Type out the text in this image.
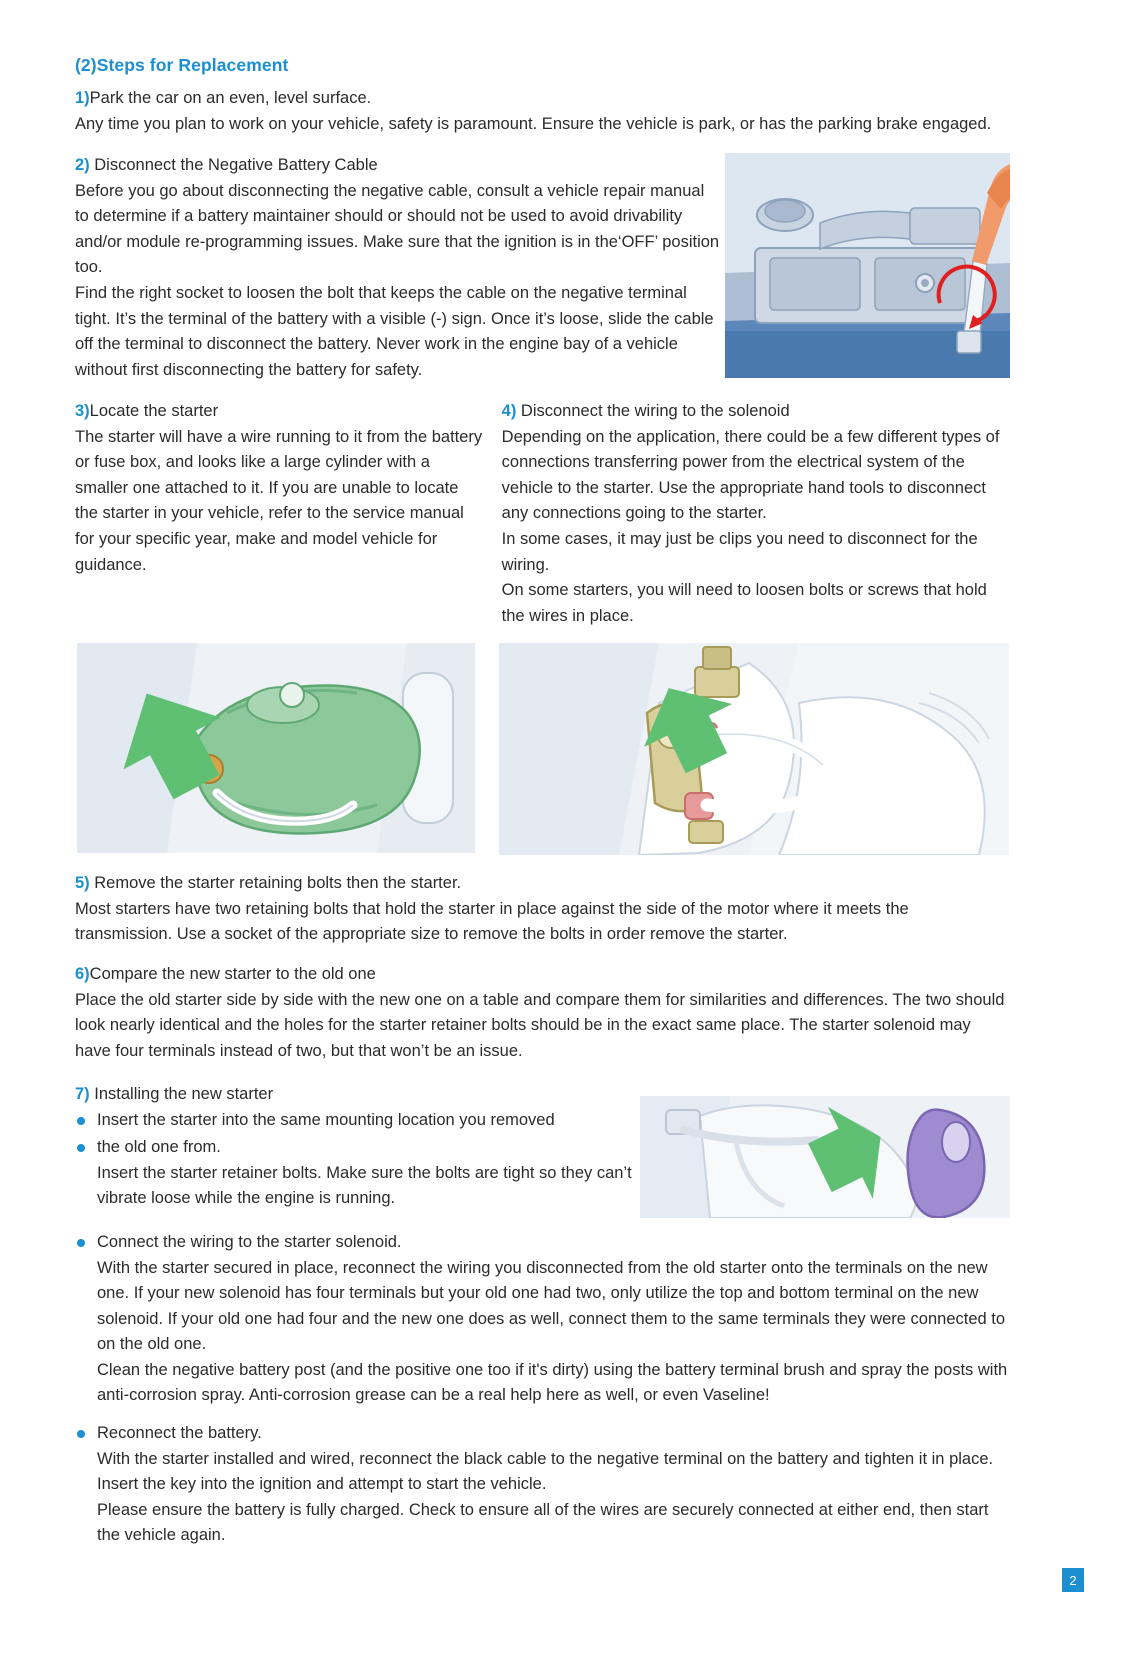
(2)Steps for Replacement

1)Park the car on an even, level surface.

Any time you plan to work on your vehicle, safety is paramount. Ensure the vehicle is park, or has the parking brake engaged.

2) Disconnect the Negative Battery Cable

Before you go about disconnecting the negative cable, consult a vehicle repair manual to determine if a battery maintainer should or should not be used to avoid drivability and/or module re-programming issues. Make sure that the ignition is in the‘OFF’ position too.

Find the right socket to loosen the bolt that keeps the cable on the negative terminal tight. It’s the terminal of the battery with a visible (-) sign. Once it’s loose, slide the cable off the terminal to disconnect the battery. Never work in the engine bay of a vehicle without first disconnecting the battery for safety.

3)Locate the starter

The starter will have a wire running to it from the battery or fuse box, and looks like a large cylinder with a smaller one attached to it. If you are unable to locate the starter in your vehicle, refer to the service manual for your specific year, make and model vehicle for guidance.

4) Disconnect the wiring to the solenoid

Depending on the application, there could be a few different types of connections transferring power from the electrical system of the vehicle to the starter. Use the appropriate hand tools to disconnect any connections going to the starter.

In some cases, it may just be clips you need to disconnect for the wiring.

On some starters, you will need to loosen bolts or screws that hold the wires in place.

5) Remove the starter retaining bolts then the starter.

Most starters have two retaining bolts that hold the starter in place against the side of the motor where it meets the transmission. Use a socket of the appropriate size to remove the bolts in order remove the starter.

6)Compare the new starter to the old one

Place the old starter side by side with the new one on a table and compare them for similarities and differences. The two should look nearly identical and the holes for the starter retainer bolts should be in the exact same place. The starter solenoid may have four terminals instead of two, but that won’t be an issue.

7) Installing the new starter

Insert the starter into the same mounting location you removed
the old one from.
Insert the starter retainer bolts. Make sure the bolts are tight so they can’t vibrate loose while the engine is running.
Connect the wiring to the starter solenoid.
With the starter secured in place, reconnect the wiring you disconnected from the old starter onto the terminals on the new one. If your new solenoid has four terminals but your old one had two, only utilize the top and bottom terminal on the new solenoid. If your old one had four and the new one does as well, connect them to the same terminals they were connected to on the old one.
Clean the negative battery post (and the positive one too if it's dirty) using the battery terminal brush and spray the posts with anti-corrosion spray. Anti-corrosion grease can be a real help here as well, or even Vaseline!
Reconnect the battery.
With the starter installed and wired, reconnect the black cable to the negative terminal on the battery and tighten it in place. Insert the key into the ignition and attempt to start the vehicle.
Please ensure the battery is fully charged. Check to ensure all of the wires are securely connected at either end, then start the vehicle again.
2
